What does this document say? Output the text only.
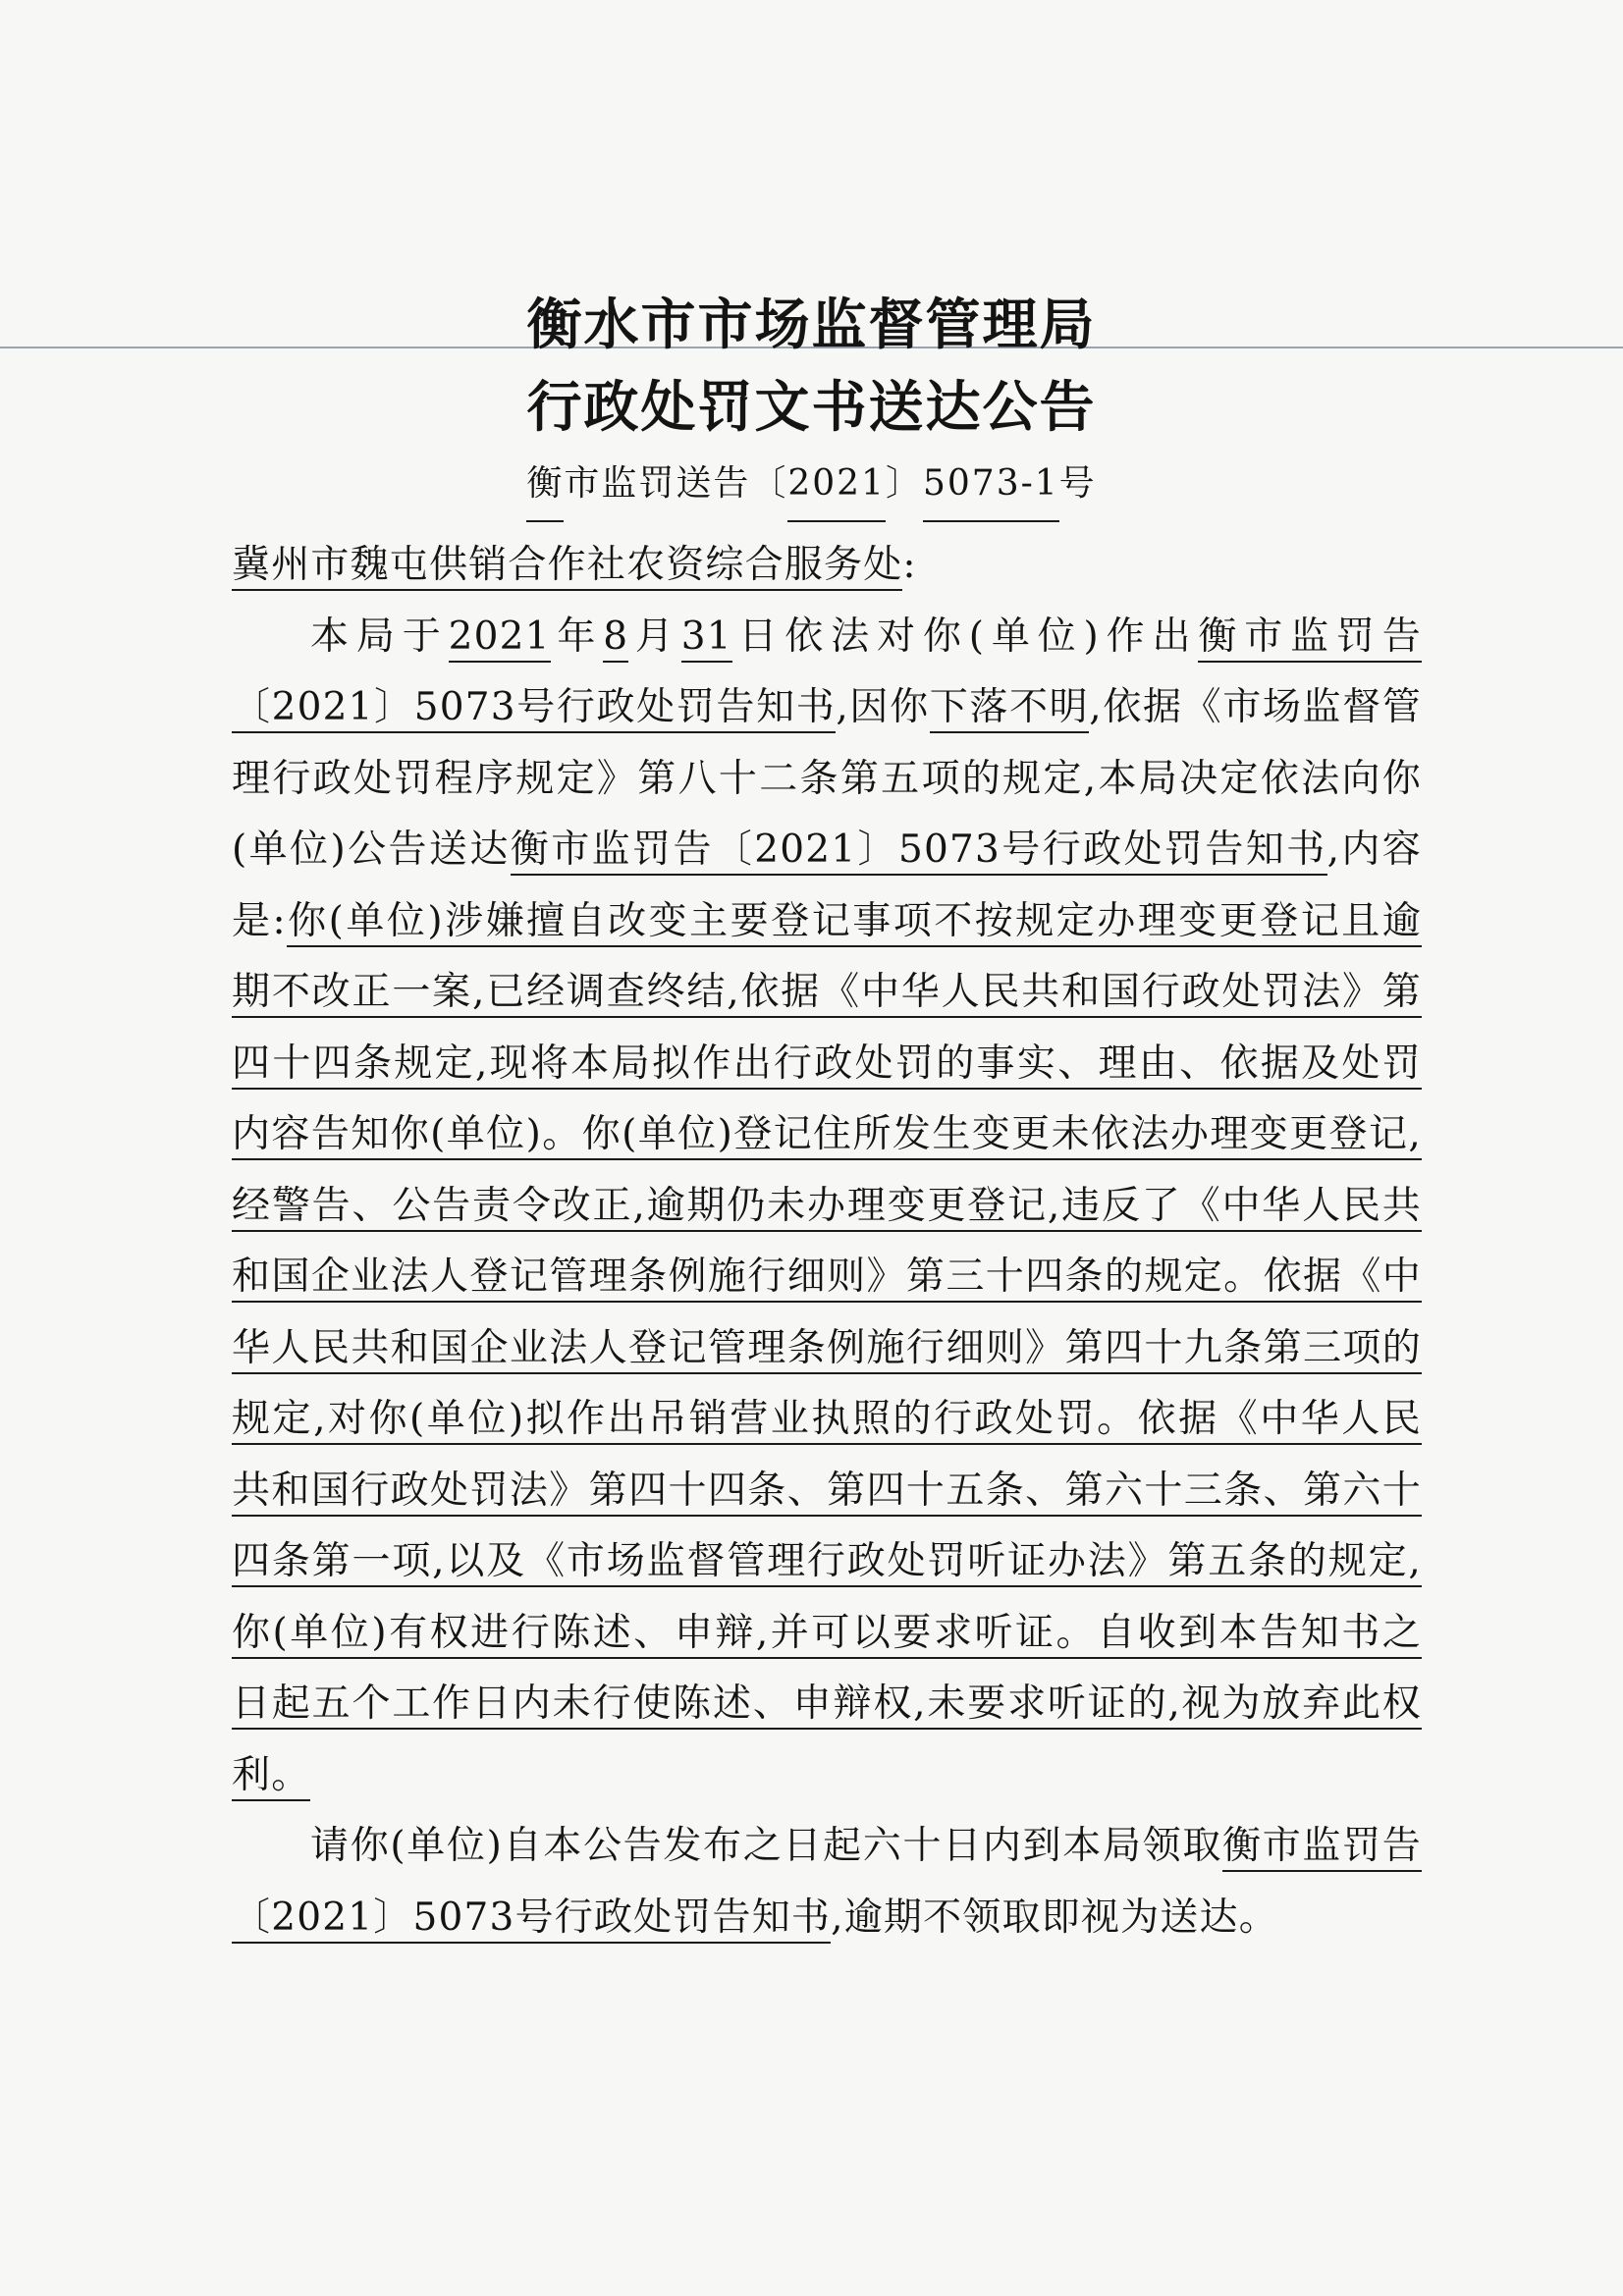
衡水市市场监督管理局
行政处罚文书送达公告
衡市监罚送告〔2021〕5073-1号

冀州市魏屯供销合作社农资综合服务处:

本局于2021年8月31日依法对你(单位)作出衡市监罚告〔2021〕5073号行政处罚告知书,因你下落不明,依据《市场监督管理行政处罚程序规定》第八十二条第五项的规定,本局决定依法向你(单位)公告送达衡市监罚告〔2021〕5073号行政处罚告知书,内容是:你(单位)涉嫌擅自改变主要登记事项不按规定办理变更登记且逾期不改正一案,已经调查终结,依据《中华人民共和国行政处罚法》第四十四条规定,现将本局拟作出行政处罚的事实、理由、依据及处罚内容告知你(单位)。你(单位)登记住所发生变更未依法办理变更登记,经警告、公告责令改正,逾期仍未办理变更登记,违反了《中华人民共和国企业法人登记管理条例施行细则》第三十四条的规定。依据《中华人民共和国企业法人登记管理条例施行细则》第四十九条第三项的规定,对你(单位)拟作出吊销营业执照的行政处罚。依据《中华人民共和国行政处罚法》第四十四条、第四十五条、第六十三条、第六十四条第一项,以及《市场监督管理行政处罚听证办法》第五条的规定,你(单位)有权进行陈述、申辩,并可以要求听证。自收到本告知书之日起五个工作日内未行使陈述、申辩权,未要求听证的,视为放弃此权利。

请你(单位)自本公告发布之日起六十日内到本局领取衡市监罚告〔2021〕5073号行政处罚告知书,逾期不领取即视为送达。
